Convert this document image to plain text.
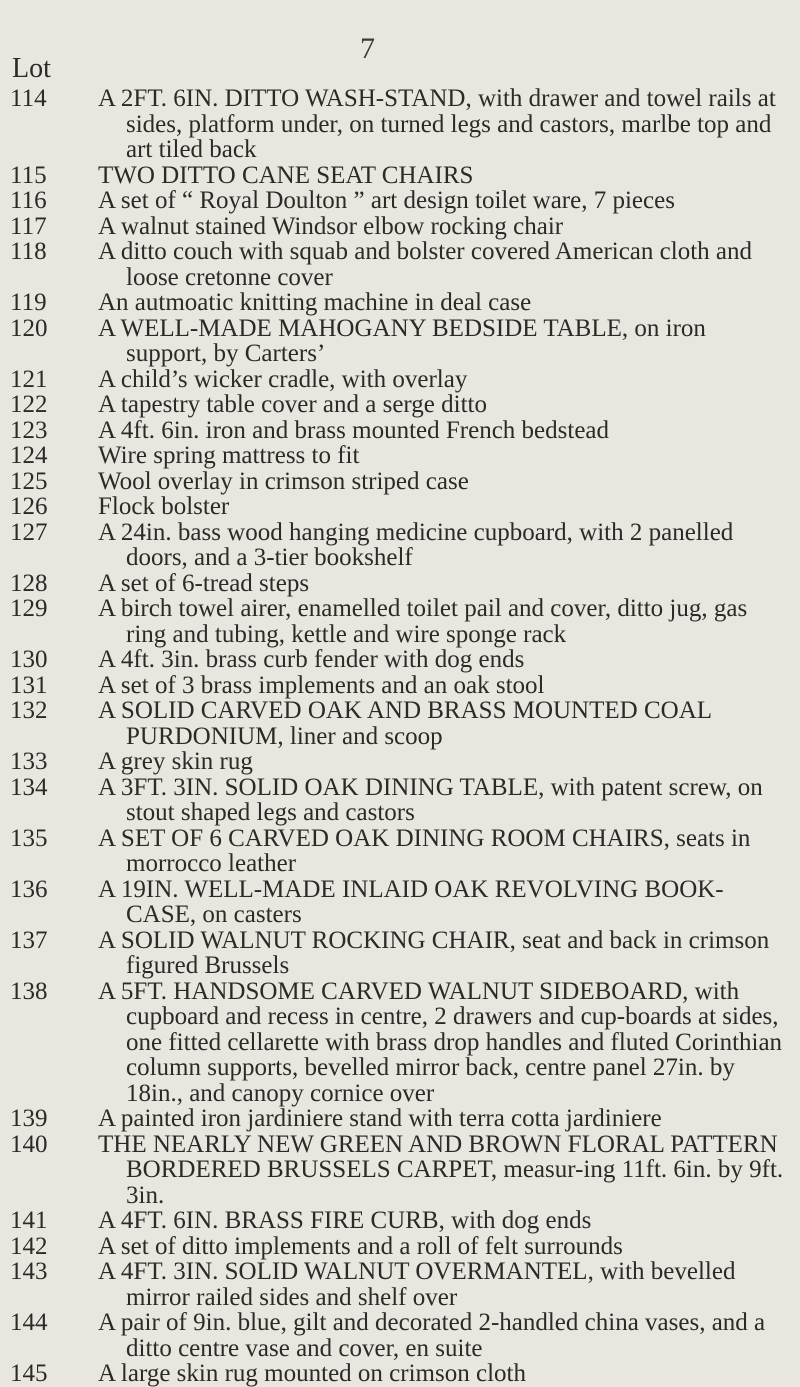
7
Lot
114 A 2FT. 6IN. DITTO WASH-STAND, with drawer and towel rails at sides, platform under, on turned legs and castors, marlbe top and art tiled back
115 TWO DITTO CANE SEAT CHAIRS
116 A set of “ Royal Doulton ” art design toilet ware, 7 pieces
117 A walnut stained Windsor elbow rocking chair
118 A ditto couch with squab and bolster covered American cloth and loose cretonne cover
119 An autmoatic knitting machine in deal case
120 A WELL-MADE MAHOGANY BEDSIDE TABLE, on iron support, by Carters’
121 A child’s wicker cradle, with overlay
122 A tapestry table cover and a serge ditto
123 A 4ft. 6in. iron and brass mounted French bedstead
124 Wire spring mattress to fit
125 Wool overlay in crimson striped case
126 Flock bolster
127 A 24in. bass wood hanging medicine cupboard, with 2 panelled doors, and a 3-tier bookshelf
128 A set of 6-tread steps
129 A birch towel airer, enamelled toilet pail and cover, ditto jug, gas ring and tubing, kettle and wire sponge rack
130 A 4ft. 3in. brass curb fender with dog ends
131 A set of 3 brass implements and an oak stool
132 A SOLID CARVED OAK AND BRASS MOUNTED COAL PURDONIUM, liner and scoop
133 A grey skin rug
134 A 3FT. 3IN. SOLID OAK DINING TABLE, with patent screw, on stout shaped legs and castors
135 A SET OF 6 CARVED OAK DINING ROOM CHAIRS, seats in morrocco leather
136 A 19IN. WELL-MADE INLAID OAK REVOLVING BOOK-CASE, on casters
137 A SOLID WALNUT ROCKING CHAIR, seat and back in crimson figured Brussels
138 A 5FT. HANDSOME CARVED WALNUT SIDEBOARD, with cupboard and recess in centre, 2 drawers and cup-boards at sides, one fitted cellarette with brass drop handles and fluted Corinthian column supports, bevelled mirror back, centre panel 27in. by 18in., and canopy cornice over
139 A painted iron jardiniere stand with terra cotta jardiniere
140 THE NEARLY NEW GREEN AND BROWN FLORAL PATTERN BORDERED BRUSSELS CARPET, measur-ing 11ft. 6in. by 9ft. 3in.
141 A 4FT. 6IN. BRASS FIRE CURB, with dog ends
142 A set of ditto implements and a roll of felt surrounds
143 A 4FT. 3IN. SOLID WALNUT OVERMANTEL, with bevelled mirror railed sides and shelf over
144 A pair of 9in. blue, gilt and decorated 2-handled china vases, and a ditto centre vase and cover, en suite
145 A large skin rug mounted on crimson cloth
